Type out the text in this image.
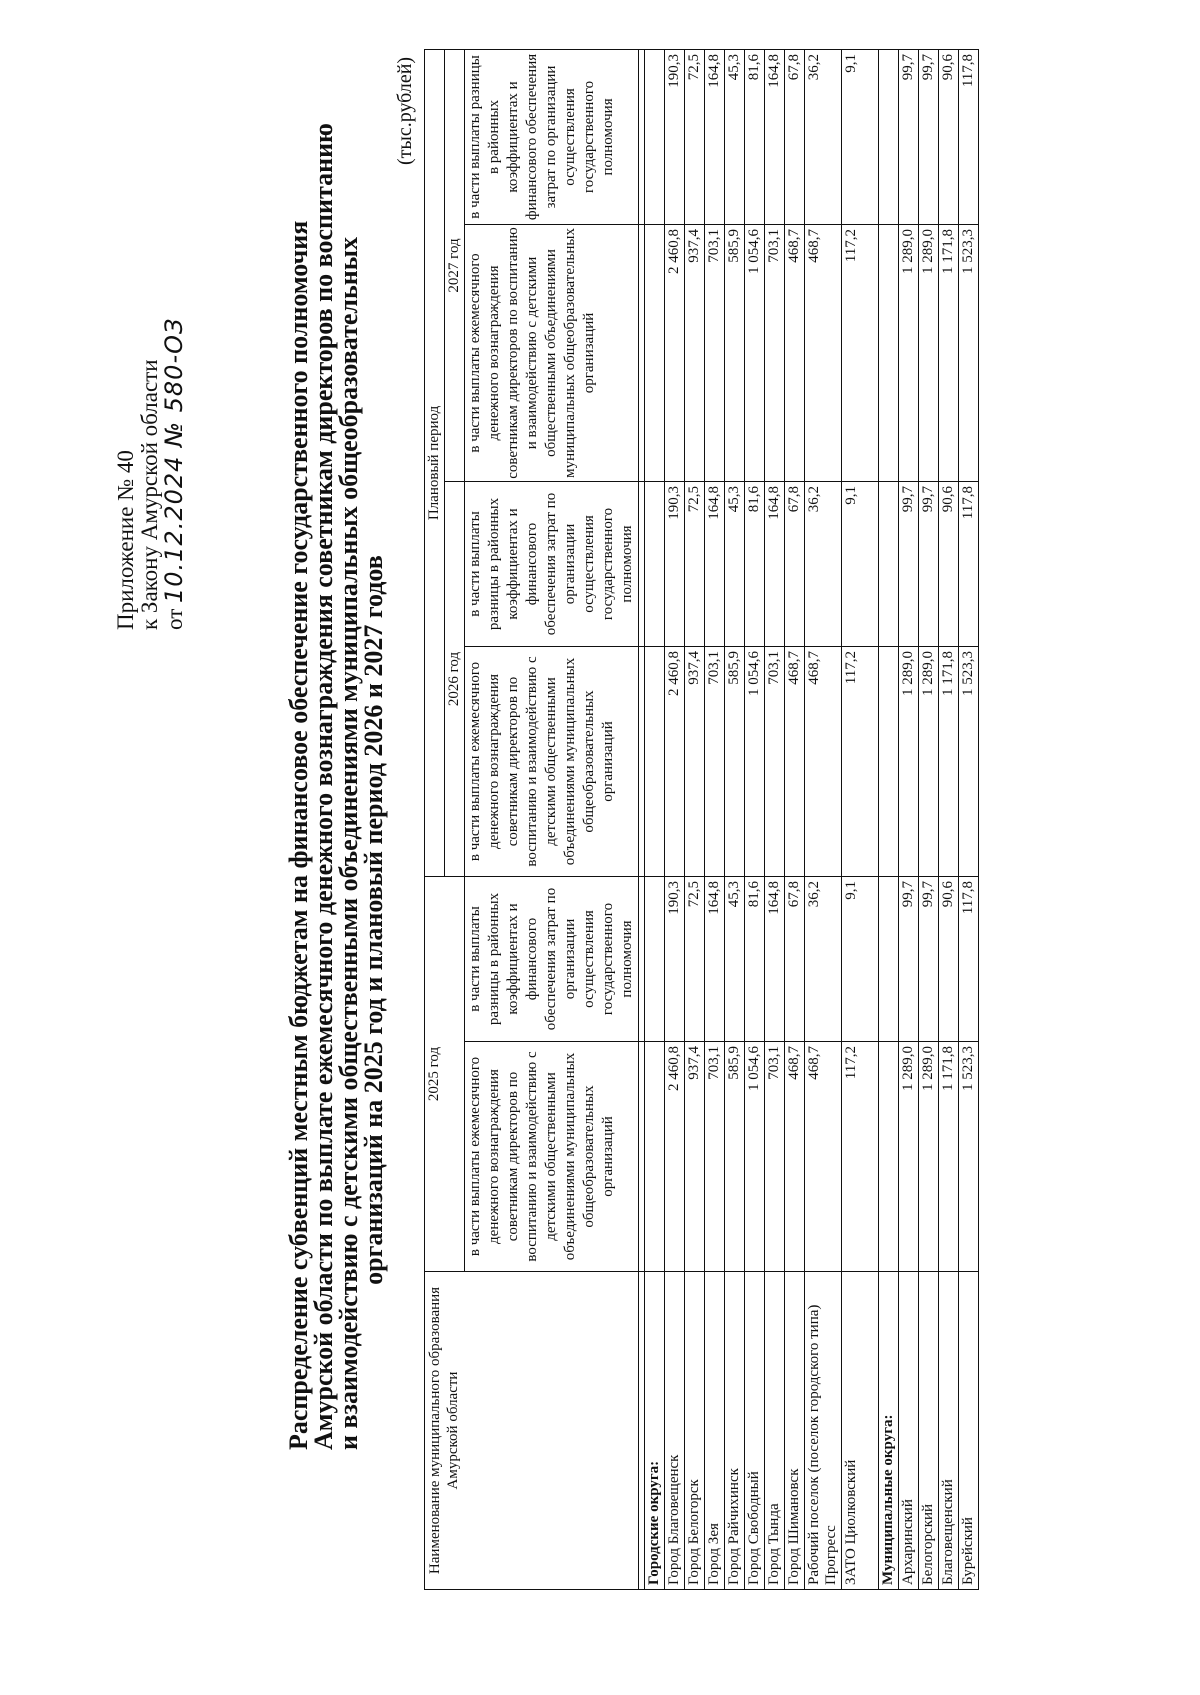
Приложение № 40 к Закону Амурской области от 10.12.2024 № 580-ОЗ	Распределение субвенций местным бюджетам на финансовое обеспечение государственного полномочия
Амурской области по выплате ежемесячного денежного вознаграждения советникам директоров по воспитанию
и взаимодействию с детскими общественными объединениями муниципальных общеобразовательных
организаций на 2025 год и плановый период 2026 и 2027 годов
(тыс.рублей)
Наименование муниципального образования Амурской области	2025 год		Плановый период			
			2026 год		2027 год	
	в части выплаты ежемесячного денежного вознаграждения советникам директоров по воспитанию и взаимодействию с детскими общественными объединениями муниципальных общеобразовательных организаций	в части выплаты разницы в районных коэффициентах и финансового обеспечения затрат по организации осуществления государственного полномочия	в части выплаты ежемесячного денежного вознаграждения советникам директоров по воспитанию и взаимодействию с детскими общественными объединениями муниципальных общеобразовательных организаций	в части выплаты разницы в районных коэффициентах и финансового обеспечения затрат по организации осуществления государственного полномочия	в части выплаты ежемесячного денежного вознаграждения советникам директоров по воспитанию и взаимодействию с детскими общественными объединениями муниципальных общеобразовательных организаций	в части выплаты разницы в районных коэффициентах и финансового обеспечения затрат по организации осуществления государственного полномочия

Городские округа:						
Город Благовещенск	2 460,8	190,3	2 460,8	190,3	2 460,8	190,3
Город Белогорск	937,4	72,5	937,4	72,5	937,4	72,5
Город Зея	703,1	164,8	703,1	164,8	703,1	164,8
Город Райчихинск	585,9	45,3	585,9	45,3	585,9	45,3
Город Свободный	1 054,6	81,6	1 054,6	81,6	1 054,6	81,6
Город Тында	703,1	164,8	703,1	164,8	703,1	164,8
Город Шимановск	468,7	67,8	468,7	67,8	468,7	67,8
Рабочий поселок (поселок городского типа) Прогресс	468,7	36,2	468,7	36,2	468,7	36,2
ЗАТО Циолковский	117,2	9,1	117,2	9,1	117,2	9,1
Муниципальные округа:						
Архаринский	1 289,0	99,7	1 289,0	99,7	1 289,0	99,7
Белогорский	1 289,0	99,7	1 289,0	99,7	1 289,0	99,7
Благовещенский	1 171,8	90,6	1 171,8	90,6	1 171,8	90,6
Бурейский	1 523,3	117,8	1 523,3	117,8	1 523,3	117,8
